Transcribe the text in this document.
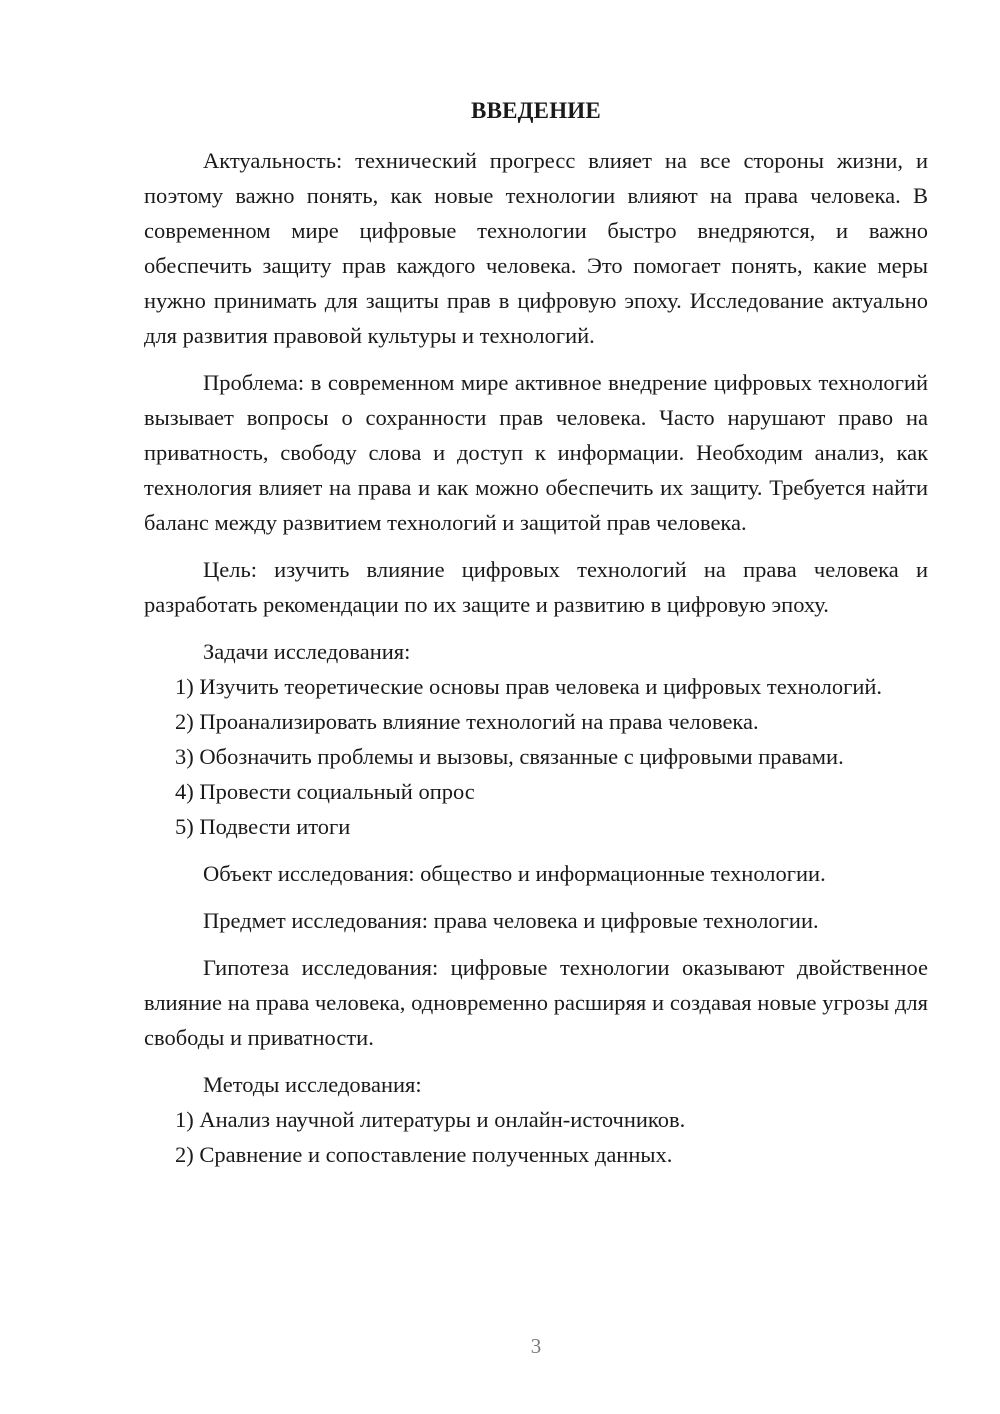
ВВЕДЕНИЕ

Актуальность: технический прогресс влияет на все стороны жизни, и поэтому важно понять, как новые технологии влияют на права человека. В современном мире цифровые технологии быстро внедряются, и важно обеспечить защиту прав каждого человека. Это помогает понять, какие меры нужно принимать для защиты прав в цифровую эпоху. Исследование актуально для развития правовой культуры и технологий.

Проблема: в современном мире активное внедрение цифровых технологий вызывает вопросы о сохранности прав человека. Часто нарушают право на приватность, свободу слова и доступ к информации. Необходим анализ, как технология влияет на права и как можно обеспечить их защиту. Требуется найти баланс между развитием технологий и защитой прав человека.

Цель: изучить влияние цифровых технологий на права человека и разработать рекомендации по их защите и развитию в цифровую эпоху.

Задачи исследования:

1) Изучить теоретические основы прав человека и цифровых технологий.

2) Проанализировать влияние технологий на права человека.

3) Обозначить проблемы и вызовы, связанные с цифровыми правами.

4) Провести социальный опрос

5) Подвести итоги

Объект исследования: общество и информационные технологии.

Предмет исследования: права человека и цифровые технологии.

Гипотеза исследования: цифровые технологии оказывают двойственное влияние на права человека, одновременно расширяя и создавая новые угрозы для свободы и приватности.

Методы исследования:

1) Анализ научной литературы и онлайн-источников.

2) Сравнение и сопоставление полученных данных.

3
